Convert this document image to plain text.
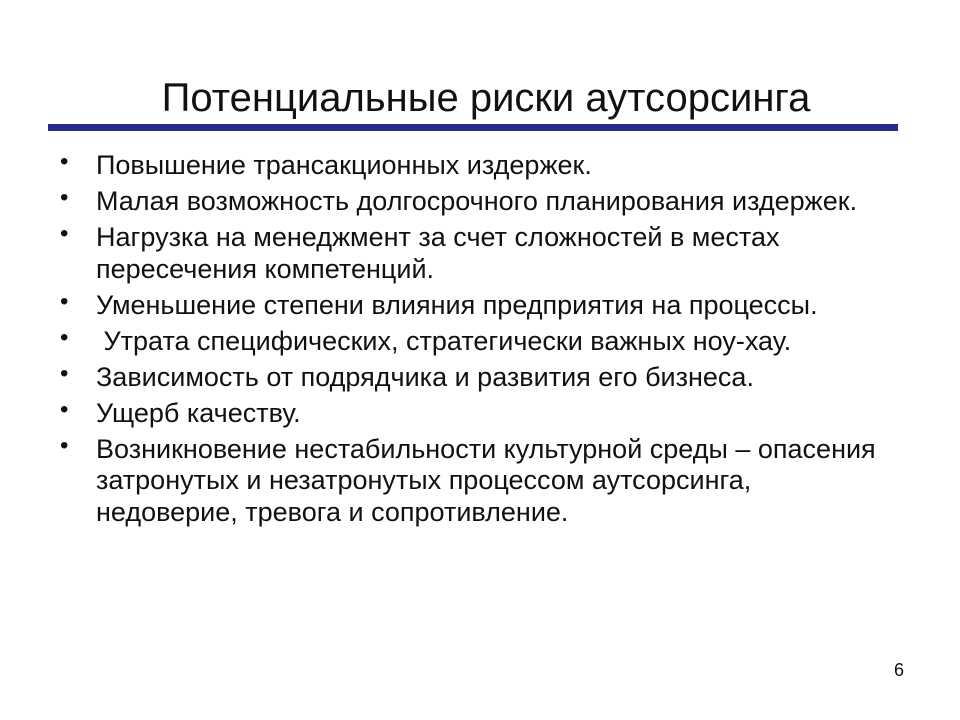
Потенциальные риски аутсорсинга
• Повышение трансакционных издержек.
• Малая возможность долгосрочного планирования издержек.
• Нагрузка на менеджмент за счет сложностей в местах пересечения компетенций.
• Уменьшение степени влияния предприятия на процессы.
• Утрата специфических, стратегически важных ноу-хау.
• Зависимость от подрядчика и развития его бизнеса.
• Ущерб качеству.
• Возникновение нестабильности культурной среды – опасения затронутых и незатронутых процессом аутсорсинга, недоверие, тревога и сопротивление.
6
